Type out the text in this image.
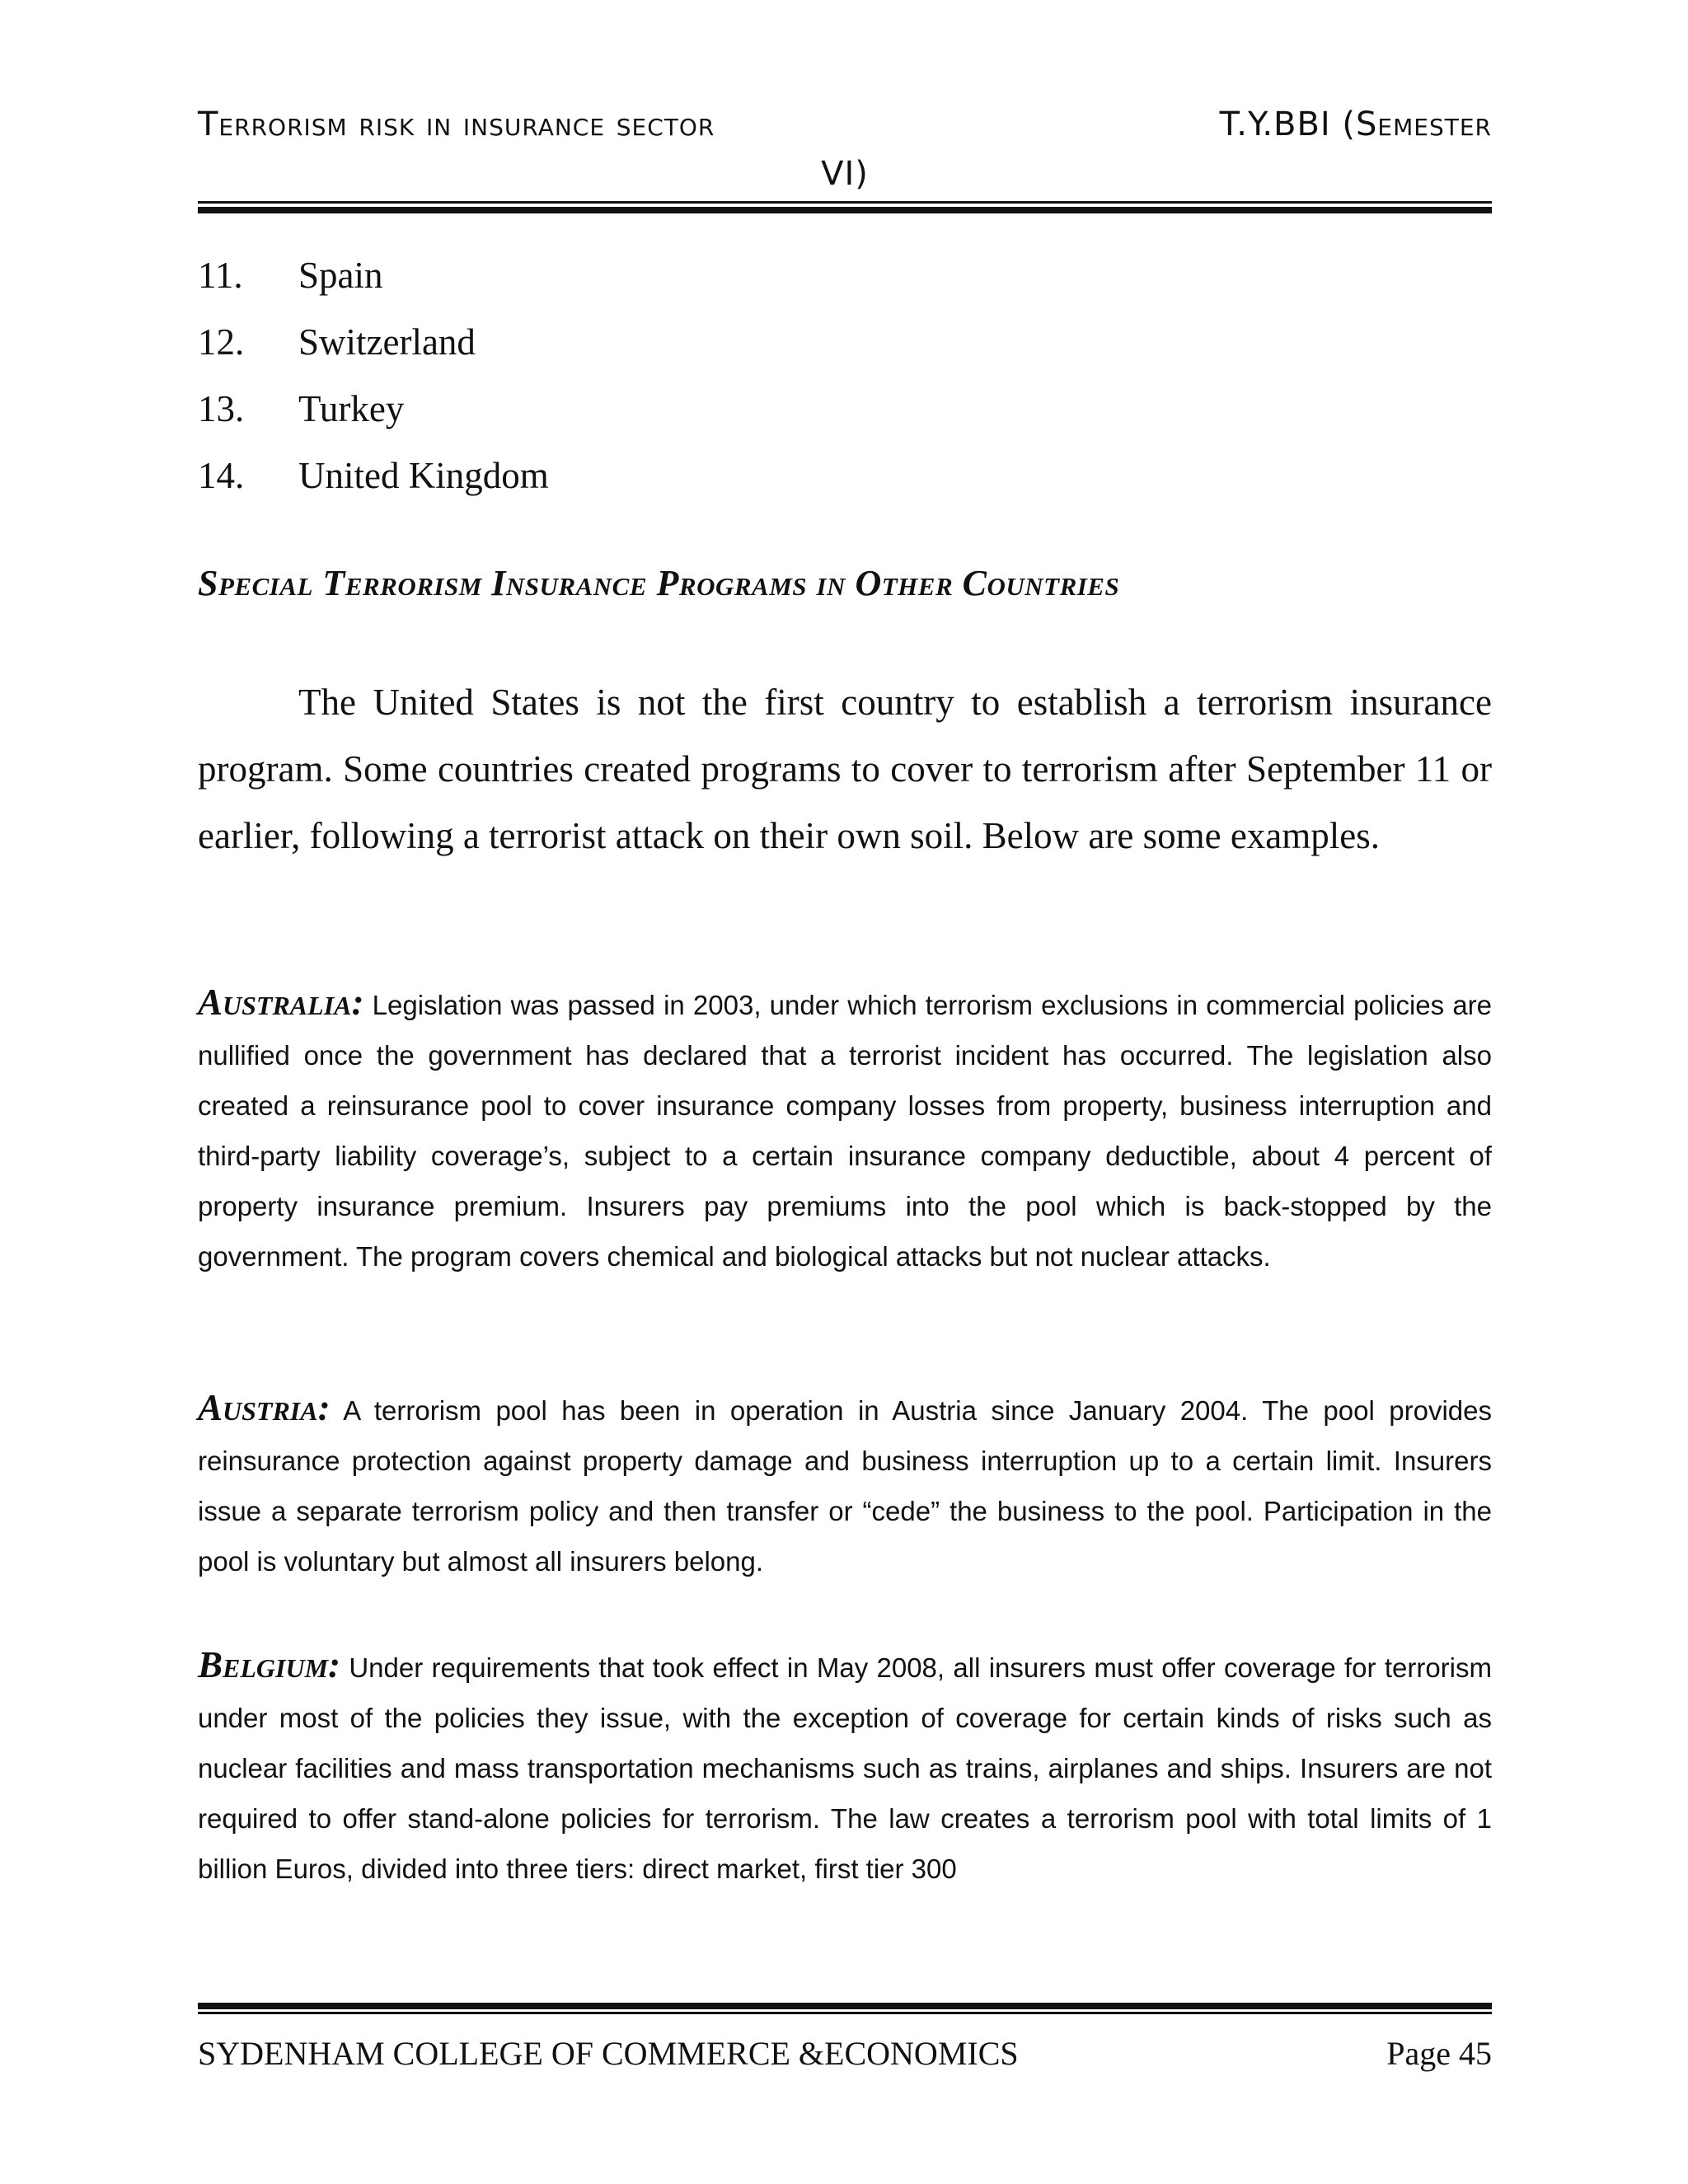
Terrorism risk in insurance sector	T.Y.BBI (Semester
VI)
11. Spain
12. Switzerland
13. Turkey
14. United Kingdom
Special Terrorism Insurance Programs in Other Countries

The United States is not the first country to establish a terrorism insurance program. Some countries created programs to cover to terrorism after September 11 or earlier, following a terrorist attack on their own soil. Below are some examples.

Australia: Legislation was passed in 2003, under which terrorism exclusions in commercial policies are nullified once the government has declared that a terrorist incident has occurred. The legislation also created a reinsurance pool to cover insurance company losses from property, business interruption and third-party liability coverage’s, subject to a certain insurance company deductible, about 4 percent of property insurance premium. Insurers pay premiums into the pool which is back-stopped by the government. The program covers chemical and biological attacks but not nuclear attacks.

Austria: A terrorism pool has been in operation in Austria since January 2004. The pool provides reinsurance protection against property damage and business interruption up to a certain limit. Insurers issue a separate terrorism policy and then transfer or “cede” the business to the pool. Participation in the pool is voluntary but almost all insurers belong.

Belgium: Under requirements that took effect in May 2008, all insurers must offer coverage for terrorism under most of the policies they issue, with the exception of coverage for certain kinds of risks such as nuclear facilities and mass transportation mechanisms such as trains, airplanes and ships. Insurers are not required to offer stand-alone policies for terrorism. The law creates a terrorism pool with total limits of 1 billion Euros, divided into three tiers: direct market, first tier 300

SYDENHAM COLLEGE OF COMMERCE &ECONOMICS	Page 45
